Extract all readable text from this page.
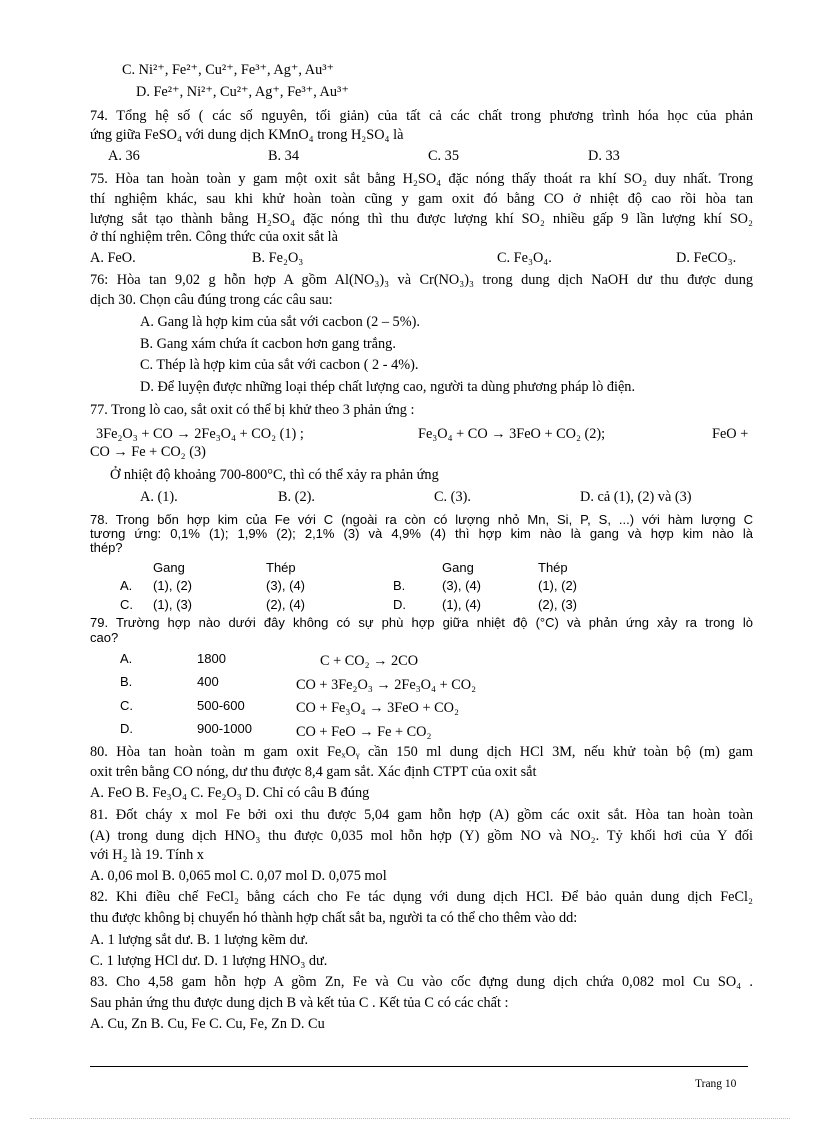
C. Ni²⁺, Fe²⁺, Cu²⁺, Fe³⁺, Ag⁺, Au³⁺
D. Fe²⁺, Ni²⁺, Cu²⁺, Ag⁺, Fe³⁺, Au³⁺
74. Tổng hệ số ( các số nguyên, tối giản) của tất cả các chất trong phương trình hóa học của phản
ứng giữa FeSO₄ với dung dịch KMnO₄ trong H₂SO₄ là
A. 36	B. 34	C. 35	D. 33
75. Hòa tan hoàn toàn y gam một oxit sắt bằng H₂SO₄ đặc nóng thấy thoát ra khí SO₂ duy nhất. Trong
thí nghiệm khác, sau khi khử hoàn toàn cũng y gam oxit đó bằng CO ở nhiệt độ cao rồi hòa tan
lượng sắt tạo thành bằng H₂SO₄ đặc nóng thì thu được lượng khí SO₂ nhiều gấp 9 lần lượng khí SO₂
ở thí nghiệm trên. Công thức của oxit sắt là
A. FeO.	B. Fe₂O₃	C. Fe₃O₄.	D. FeCO₃.
76: Hòa tan 9,02 g hỗn hợp A gồm Al(NO₃)₃ và Cr(NO₃)₃ trong dung dịch NaOH dư thu được dung
dịch 30. Chọn câu đúng trong các câu sau:
A. Gang là hợp kim của sắt với cacbon (2 – 5%).
B. Gang xám chứa ít cacbon hơn gang trắng.
C. Thép là hợp kim của sắt với cacbon ( 2 - 4%).
D. Để luyện được những loại thép chất lượng cao, người ta dùng phương pháp lò điện.
77. Trong lò cao, sắt oxit có thể bị khử theo 3 phản ứng :
3Fe₂O₃ + CO → 2Fe₃O₄ + CO₂ (1) ;	Fe₃O₄ + CO → 3FeO + CO₂ (2);	FeO +
CO → Fe + CO₂ (3)
Ở nhiệt độ khoảng 700-800°C, thì có thể xảy ra phản ứng
A. (1).	B. (2).	C. (3).	D. cả (1), (2) và (3)
78. Trong bốn hợp kim của Fe với C (ngoài ra còn có lượng nhỏ Mn, Si, P, S, ...) với hàm lượng C
tương ứng: 0,1% (1); 1,9% (2); 2,1% (3) và 4,9% (4) thì hợp kim nào là gang và hợp kim nào là
thép?
Gang	Thép	Gang	Thép
A. (1), (2)	(3), (4)	B.	(3), (4)	(1), (2)
C. (1), (3)	(2), (4)	D.	(1), (4)	(2), (3)
79. Trường hợp nào dưới đây không có sự phù hợp giữa nhiệt độ (°C) và phản ứng xảy ra trong lò
cao?
A.	1800	C + CO₂ → 2CO
B.	400	CO + 3Fe₂O₃ → 2Fe₃O₄ + CO₂
C.	500-600	CO + Fe₃O₄ → 3FeO + CO₂
D.	900-1000	CO + FeO → Fe + CO₂
80. Hòa tan hoàn toàn m gam oxit FeₓOᵧ cần 150 ml dung dịch HCl 3M, nếu khử toàn bộ (m) gam
oxit trên bằng CO nóng, dư thu được 8,4 gam sắt. Xác định CTPT của oxit sắt
A. FeO B. Fe₃O₄ C. Fe₂O₃ D. Chỉ có câu B đúng
81. Đốt cháy x mol Fe bởi oxi thu được 5,04 gam hỗn hợp (A) gồm các oxit sắt. Hòa tan hoàn toàn
(A) trong dung dịch HNO₃ thu được 0,035 mol hỗn hợp (Y) gồm NO và NO₂. Tỷ khối hơi của Y đối
với H₂ là 19. Tính x
A. 0,06 mol B. 0,065 mol C. 0,07 mol D. 0,075 mol
82. Khi điều chế FeCl₂ bằng cách cho Fe tác dụng với dung dịch HCl. Để bảo quản dung dịch FeCl₂
thu được không bị chuyển hó thành hợp chất sắt ba, người ta có thể cho thêm vào dd:
A. 1 lượng sắt dư. B. 1 lượng kẽm dư.
C. 1 lượng HCl dư. D. 1 lượng HNO₃ dư.
83. Cho 4,58 gam hỗn hợp A gồm Zn, Fe và Cu vào cốc đựng dung dịch chứa 0,082 mol Cu SO₄ .
Sau phản ứng thu được dung dịch B và kết tủa C . Kết tủa C có các chất :
A. Cu, Zn B. Cu, Fe C. Cu, Fe, Zn D. Cu
Trang 10
